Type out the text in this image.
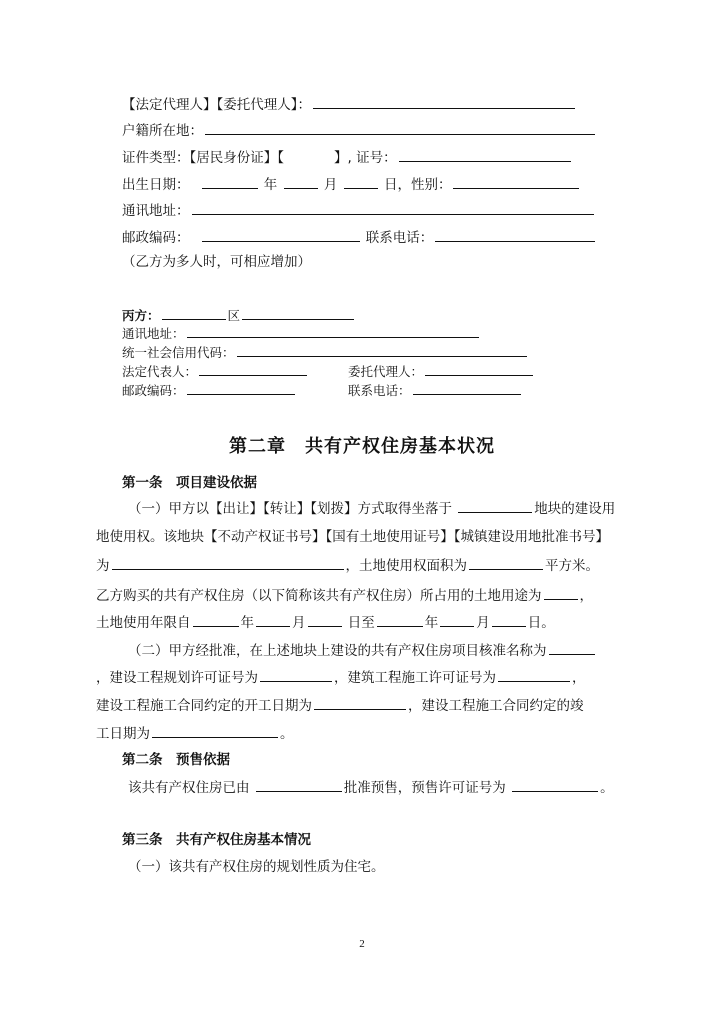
【法定代理人】【委托代理人】：
户籍所在地：
证件类型：【居民身份证】【	】, 证号：
出生日期：	年	月	日，性别：
通讯地址：
邮政编码：	联系电话：
（乙方为多人时，可相应增加）
丙方：	区
通讯地址：
统一社会信用代码：
法定代表人：	委托代理人：
邮政编码：	联系电话：
第二章　共有产权住房基本状况
第一条　项目建设依据
（一）甲方以【出让】【转让】【划拨】方式取得坐落于	地块的建设用
地使用权。该地块【不动产权证书号】【国有土地使用证号】【城镇建设用地批准书号】
为	，土地使用权面积为	平方米。
乙方购买的共有产权住房（以下简称该共有产权住房）所占用的土地用途为	，
土地使用年限自	年	月	日至	年	月	日。
（二）甲方经批准，在上述地块上建设的共有产权住房项目核准名称为
，建设工程规划许可证号为	，建筑工程施工许可证号为	，
建设工程施工合同约定的开工日期为	，建设工程施工合同约定的竣
工日期为	。
第二条　预售依据
该共有产权住房已由	批准预售，预售许可证号为	。
第三条　共有产权住房基本情况
（一）该共有产权住房的规划性质为住宅。
2
